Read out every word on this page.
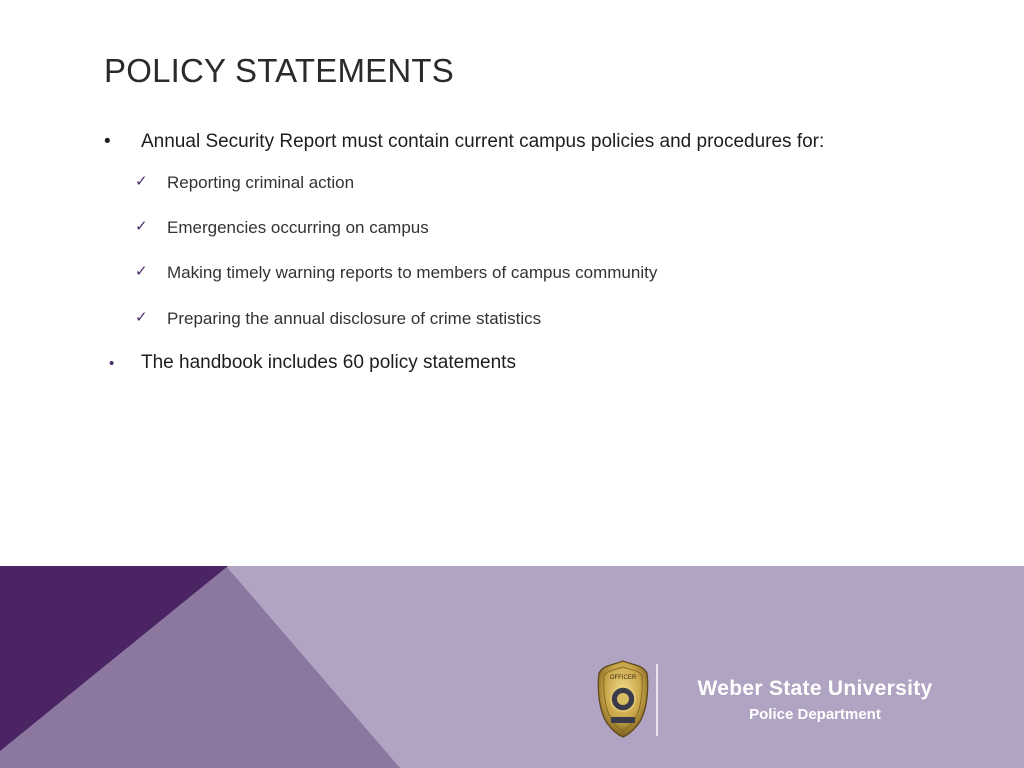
POLICY STATEMENTS
• Annual Security Report must contain current campus policies and procedures for:
✓ Reporting criminal action
✓ Emergencies occurring on campus
✓ Making timely warning reports to members of campus community
✓ Preparing the annual disclosure of crime statistics
• The handbook includes 60 policy statements
OFFICER	Weber State University
Police Department
